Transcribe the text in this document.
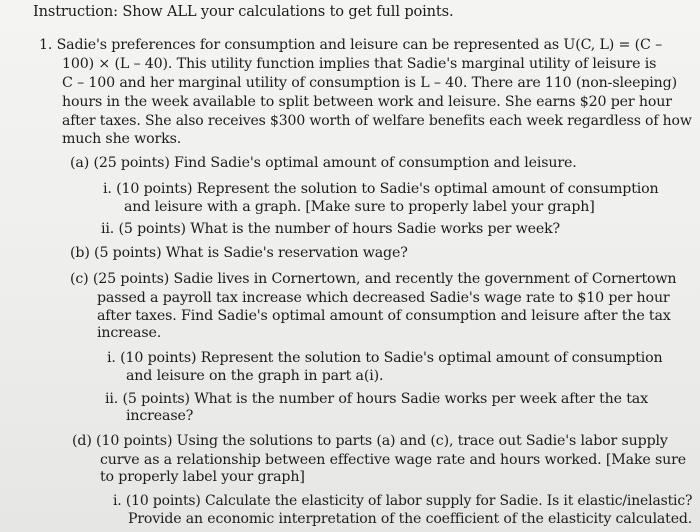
Instruction: Show ALL your calculations to get full points.
1. Sadie's preferences for consumption and leisure can be represented as U(C, L) = (C –
100) × (L – 40). This utility function implies that Sadie's marginal utility of leisure is
C – 100 and her marginal utility of consumption is L – 40. There are 110 (non-sleeping)
hours in the week available to split between work and leisure. She earns $20 per hour
after taxes. She also receives $300 worth of welfare benefits each week regardless of how
much she works.
(a) (25 points) Find Sadie's optimal amount of consumption and leisure.
i. (10 points) Represent the solution to Sadie's optimal amount of consumption
and leisure with a graph. [Make sure to properly label your graph]
ii. (5 points) What is the number of hours Sadie works per week?
(b) (5 points) What is Sadie's reservation wage?
(c) (25 points) Sadie lives in Cornertown, and recently the government of Cornertown
passed a payroll tax increase which decreased Sadie's wage rate to $10 per hour
after taxes. Find Sadie's optimal amount of consumption and leisure after the tax
increase.
i. (10 points) Represent the solution to Sadie's optimal amount of consumption
and leisure on the graph in part a(i).
ii. (5 points) What is the number of hours Sadie works per week after the tax
increase?
(d) (10 points) Using the solutions to parts (a) and (c), trace out Sadie's labor supply
curve as a relationship between effective wage rate and hours worked. [Make sure
to properly label your graph]
i. (10 points) Calculate the elasticity of labor supply for Sadie. Is it elastic/inelastic?
Provide an economic interpretation of the coefficient of the elasticity calculated.
